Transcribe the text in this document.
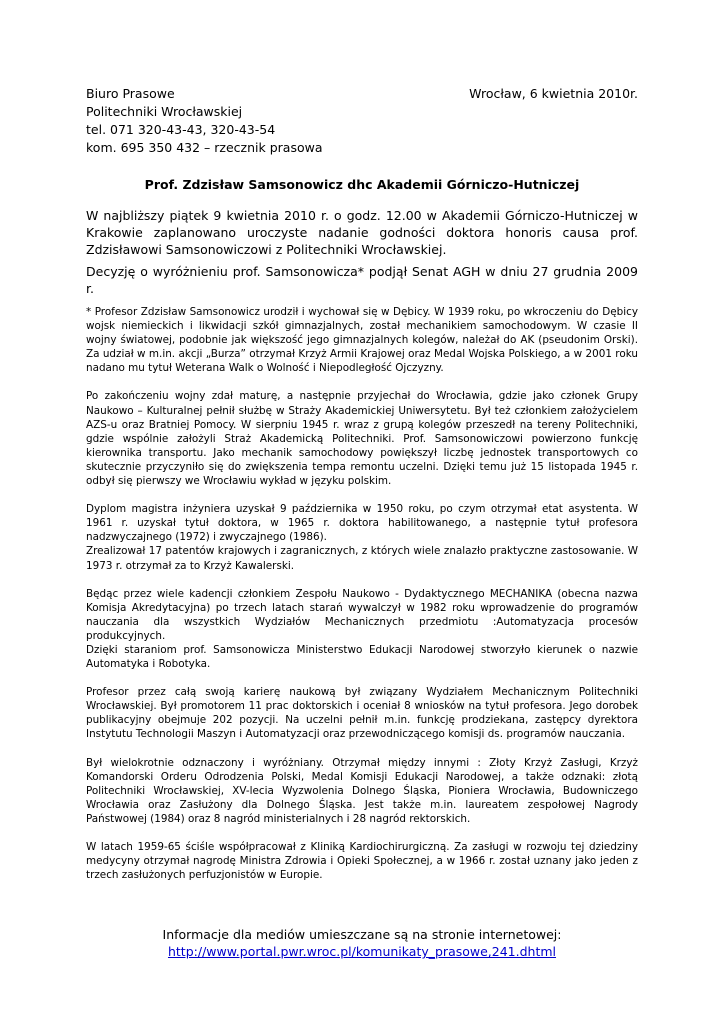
Biuro Prasowe
Politechniki Wrocławskiej
tel. 071 320-43-43, 320-43-54
kom. 695 350 432 – rzecznik prasowa
Wrocław, 6 kwietnia 2010r.
Prof. Zdzisław Samsonowicz dhc Akademii Górniczo-Hutniczej

W najbliższy piątek 9 kwietnia 2010 r. o godz. 12.00 w Akademii Górniczo-Hutniczej w Krakowie zaplanowano uroczyste nadanie godności doktora honoris causa prof. Zdzisławowi Samsonowiczowi z Politechniki Wrocławskiej.

Decyzję o wyróżnieniu prof. Samsonowicza* podjął Senat AGH w dniu 27 grudnia 2009 r.

* Profesor Zdzisław Samsonowicz urodził i wychował się w Dębicy. W 1939 roku, po wkroczeniu do Dębicy wojsk niemieckich i likwidacji szkół gimnazjalnych, został mechanikiem samochodowym. W czasie II wojny światowej, podobnie jak większość jego gimnazjalnych kolegów, należał do AK (pseudonim Orski). Za udział w m.in. akcji „Burza” otrzymał Krzyż Armii Krajowej oraz Medal Wojska Polskiego, a w 2001 roku nadano mu tytuł Weterana Walk o Wolność i Niepodległość Ojczyzny.

Po zakończeniu wojny zdał maturę, a następnie przyjechał do Wrocławia, gdzie jako członek Grupy Naukowo – Kulturalnej pełnił służbę w Straży Akademickiej Uniwersytetu. Był też członkiem założycielem AZS-u oraz Bratniej Pomocy. W sierpniu 1945 r. wraz z grupą kolegów przeszedł na tereny Politechniki, gdzie wspólnie założyli Straż Akademicką Politechniki. Prof. Samsonowiczowi powierzono funkcję kierownika transportu. Jako mechanik samochodowy powiększył liczbę jednostek transportowych co skutecznie przyczyniło się do zwiększenia tempa remontu uczelni. Dzięki temu już 15 listopada 1945 r. odbył się pierwszy we Wrocławiu wykład w języku polskim.

Dyplom magistra inżyniera uzyskał 9 października w 1950 roku, po czym otrzymał etat asystenta. W 1961 r. uzyskał tytuł doktora, w 1965 r. doktora habilitowanego, a następnie tytuł profesora nadzwyczajnego (1972) i zwyczajnego (1986).

Zrealizował 17 patentów krajowych i zagranicznych, z których wiele znalazło praktyczne zastosowanie. W 1973 r. otrzymał za to Krzyż Kawalerski.

Będąc przez wiele kadencji członkiem Zespołu Naukowo - Dydaktycznego MECHANIKA (obecna nazwa Komisja Akredytacyjna) po trzech latach starań wywalczył w 1982 roku wprowadzenie do programów nauczania dla wszystkich Wydziałów Mechanicznych przedmiotu :Automatyzacja procesów produkcyjnych.

Dzięki staraniom prof. Samsonowicza Ministerstwo Edukacji Narodowej stworzyło kierunek o nazwie Automatyka i Robotyka.

Profesor przez całą swoją karierę naukową był związany Wydziałem Mechanicznym Politechniki Wrocławskiej. Był promotorem 11 prac doktorskich i oceniał 8 wniosków na tytuł profesora. Jego dorobek publikacyjny obejmuje 202 pozycji. Na uczelni pełnił m.in. funkcję prodziekana, zastępcy dyrektora Instytutu Technologii Maszyn i Automatyzacji oraz przewodniczącego komisji ds. programów nauczania.

Był wielokrotnie odznaczony i wyróżniany. Otrzymał między innymi : Złoty Krzyż Zasługi, Krzyż Komandorski Orderu Odrodzenia Polski, Medal Komisji Edukacji Narodowej, a także odznaki: złotą Politechniki Wrocławskiej, XV-lecia Wyzwolenia Dolnego Śląska, Pioniera Wrocławia, Budowniczego Wrocławia oraz Zasłużony dla Dolnego Śląska. Jest także m.in. laureatem zespołowej Nagrody Państwowej (1984) oraz 8 nagród ministerialnych i 28 nagród rektorskich.

W latach 1959-65 ściśle współpracował z Kliniką Kardiochirurgiczną. Za zasługi w rozwoju tej dziedziny medycyny otrzymał nagrodę Ministra Zdrowia i Opieki Społecznej, a w 1966 r. został uznany jako jeden z trzech zasłużonych perfuzjonistów w Europie.

Informacje dla mediów umieszczane są na stronie internetowej:
http://www.portal.pwr.wroc.pl/komunikaty_prasowe,241.dhtml
